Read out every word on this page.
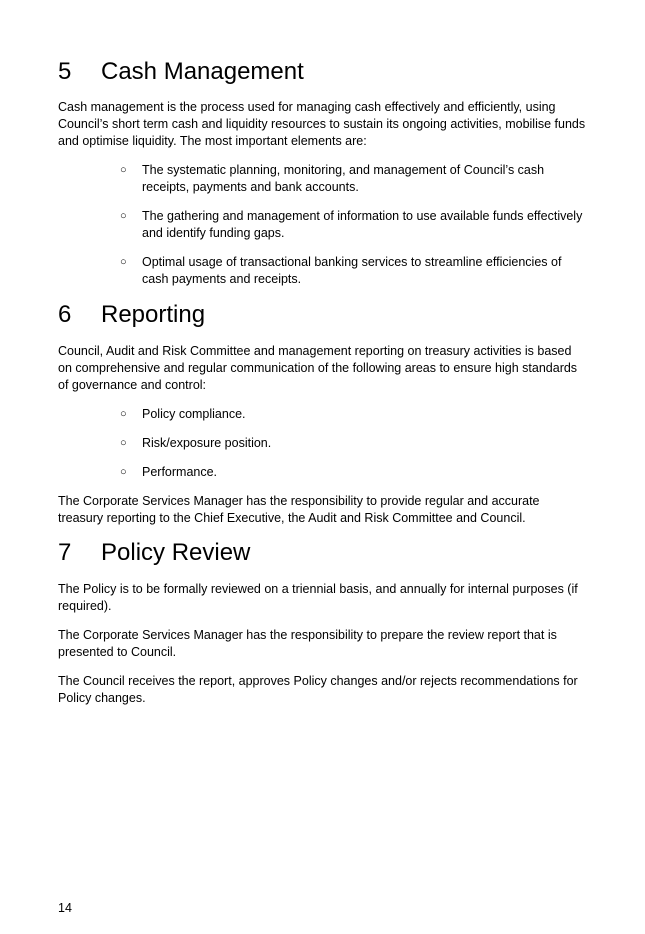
5	Cash Management

Cash management is the process used for managing cash effectively and efficiently, using Council’s short term cash and liquidity resources to sustain its ongoing activities, mobilise funds and optimise liquidity. The most important elements are:

○ The systematic planning, monitoring, and management of Council’s cash receipts, payments and bank accounts.
○ The gathering and management of information to use available funds effectively and identify funding gaps.
○ Optimal usage of transactional banking services to streamline efficiencies of cash payments and receipts.
6	Reporting

Council, Audit and Risk Committee and management reporting on treasury activities is based on comprehensive and regular communication of the following areas to ensure high standards of governance and control:

○ Policy compliance.
○ Risk/exposure position.
○ Performance.

The Corporate Services Manager has the responsibility to provide regular and accurate treasury reporting to the Chief Executive, the Audit and Risk Committee and Council.

7	Policy Review

The Policy is to be formally reviewed on a triennial basis, and annually for internal purposes (if required).

The Corporate Services Manager has the responsibility to prepare the review report that is presented to Council.

The Council receives the report, approves Policy changes and/or rejects recommendations for Policy changes.

14
